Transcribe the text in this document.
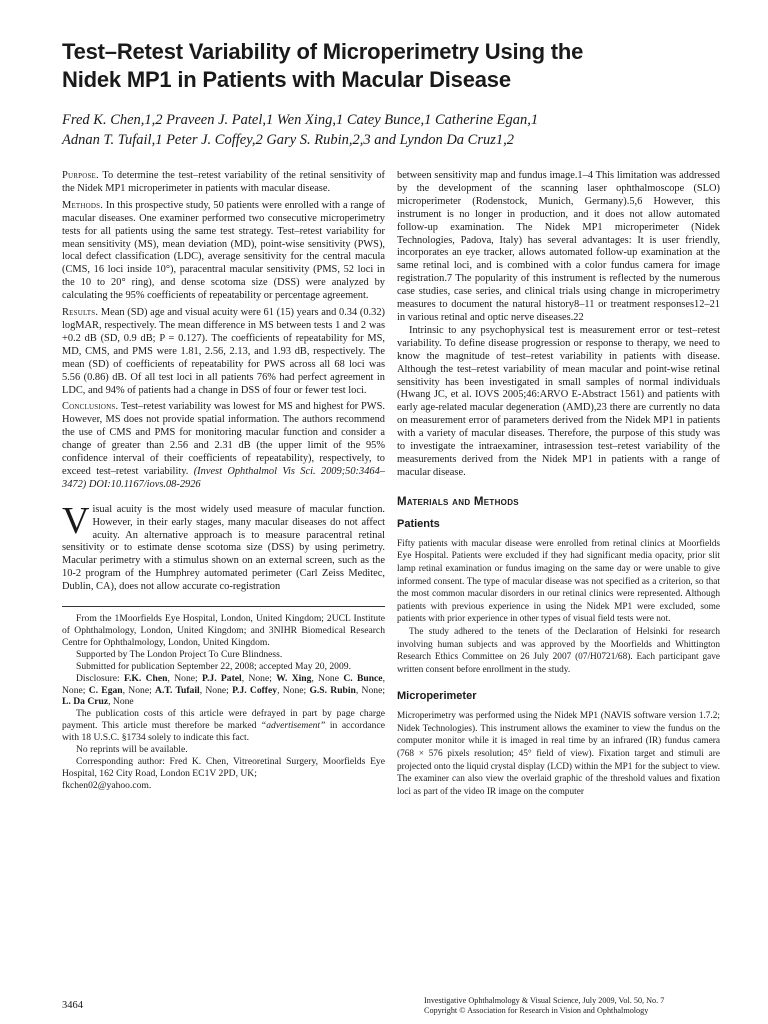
Test–Retest Variability of Microperimetry Using the
Nidek MP1 in Patients with Macular Disease
Fred K. Chen,1,2 Praveen J. Patel,1 Wen Xing,1 Catey Bunce,1 Catherine Egan,1
Adnan T. Tufail,1 Peter J. Coffey,2 Gary S. Rubin,2,3 and Lyndon Da Cruz1,2

Purpose. To determine the test–retest variability of the retinal sensitivity of the Nidek MP1 microperimeter in patients with macular disease.

Methods. In this prospective study, 50 patients were enrolled with a range of macular diseases. One examiner performed two consecutive microperimetry tests for all patients using the same test strategy. Test–retest variability for mean sensitivity (MS), mean deviation (MD), point-wise sensitivity (PWS), local defect classification (LDC), average sensitivity for the central macula (CMS, 16 loci inside 10°), paracentral macular sensitivity (PMS, 52 loci in the 10 to 20° ring), and dense scotoma size (DSS) were analyzed by calculating the 95% coefficients of repeatability or percentage agreement.

Results. Mean (SD) age and visual acuity were 61 (15) years and 0.34 (0.32) logMAR, respectively. The mean difference in MS between tests 1 and 2 was +0.2 dB (SD, 0.9 dB; P = 0.127). The coefficients of repeatability for MS, MD, CMS, and PMS were 1.81, 2.56, 2.13, and 1.93 dB, respectively. The mean (SD) of coefficients of repeatability for PWS across all 68 loci was 5.56 (0.86) dB. Of all test loci in all patients 76% had perfect agreement in LDC, and 94% of patients had a change in DSS of four or fewer test loci.

Conclusions. Test–retest variability was lowest for MS and highest for PWS. However, MS does not provide spatial information. The authors recommend the use of CMS and PMS for monitoring macular function and consider a change of greater than 2.56 and 2.31 dB (the upper limit of the 95% confidence interval of their coefficients of repeatability), respectively, to exceed test–retest variability. (Invest Ophthalmol Vis Sci. 2009;50:3464–3472) DOI:10.1167/iovs.08-2926

Visual acuity is the most widely used measure of macular function. However, in their early stages, many macular diseases do not affect acuity. An alternative approach is to measure paracentral retinal sensitivity or to estimate dense scotoma size (DSS) by using perimetry. Macular perimetry with a stimulus shown on an external screen, such as the 10-2 program of the Humphrey automated perimeter (Carl Zeiss Meditec, Dublin, CA), does not allow accurate co-registration

From the 1Moorfields Eye Hospital, London, United Kingdom; 2UCL Institute of Ophthalmology, London, United Kingdom; and 3NIHR Biomedical Research Centre for Ophthalmology, London, United Kingdom.

Supported by The London Project To Cure Blindness.

Submitted for publication September 22, 2008; accepted May 20, 2009.

Disclosure: F.K. Chen, None; P.J. Patel, None; W. Xing, None C. Bunce, None; C. Egan, None; A.T. Tufail, None; P.J. Coffey, None; G.S. Rubin, None; L. Da Cruz, None

The publication costs of this article were defrayed in part by page charge payment. This article must therefore be marked “advertisement” in accordance with 18 U.S.C. §1734 solely to indicate this fact.

No reprints will be available.

Corresponding author: Fred K. Chen, Vitreoretinal Surgery, Moorfields Eye Hospital, 162 City Road, London EC1V 2PD, UK;

fkchen02@yahoo.com.

between sensitivity map and fundus image.1–4 This limitation was addressed by the development of the scanning laser ophthalmoscope (SLO) microperimeter (Rodenstock, Munich, Germany).5,6 However, this instrument is no longer in production, and it does not allow automated follow-up examination. The Nidek MP1 microperimeter (Nidek Technologies, Padova, Italy) has several advantages: It is user friendly, incorporates an eye tracker, allows automated follow-up examination at the same retinal loci, and is combined with a color fundus camera for image registration.7 The popularity of this instrument is reflected by the numerous case studies, case series, and clinical trials using change in microperimetry measures to document the natural history8–11 or treatment responses12–21 in various retinal and optic nerve diseases.22

Intrinsic to any psychophysical test is measurement error or test–retest variability. To define disease progression or response to therapy, we need to know the magnitude of test–retest variability in patients with disease. Although the test–retest variability of mean macular and point-wise retinal sensitivity has been investigated in small samples of normal individuals (Hwang JC, et al. IOVS 2005;46:ARVO E-Abstract 1561) and patients with early age-related macular degeneration (AMD),23 there are currently no data on measurement error of parameters derived from the Nidek MP1 in patients with a variety of macular diseases. Therefore, the purpose of this study was to investigate the intraexaminer, intrasession test–retest variability of the measurements derived from the Nidek MP1 in patients with a range of macular disease.

Materials and Methods
Patients

Fifty patients with macular disease were enrolled from retinal clinics at Moorfields Eye Hospital. Patients were excluded if they had significant media opacity, prior slit lamp retinal examination or fundus imaging on the same day or were unable to give informed consent. The type of macular disease was not specified as a criterion, so that the most common macular disorders in our retinal clinics were represented. Although patients with previous experience in using the Nidek MP1 were excluded, some patients with prior experience in other types of visual field tests were not.

The study adhered to the tenets of the Declaration of Helsinki for research involving human subjects and was approved by the Moorfields and Whittington Research Ethics Committee on 26 July 2007 (07/H0721/68). Each participant gave written consent before enrollment in the study.

Microperimeter

Microperimetry was performed using the Nidek MP1 (NAVIS software version 1.7.2; Nidek Technologies). This instrument allows the examiner to view the fundus on the computer monitor while it is imaged in real time by an infrared (IR) fundus camera (768 × 576 pixels resolution; 45° field of view). Fixation target and stimuli are projected onto the liquid crystal display (LCD) within the MP1 for the subject to view. The examiner can also view the overlaid graphic of the threshold values and fixation loci as part of the video IR image on the computer

3464	Investigative Ophthalmology & Visual Science, July 2009, Vol. 50, No. 7
Copyright © Association for Research in Vision and Ophthalmology
